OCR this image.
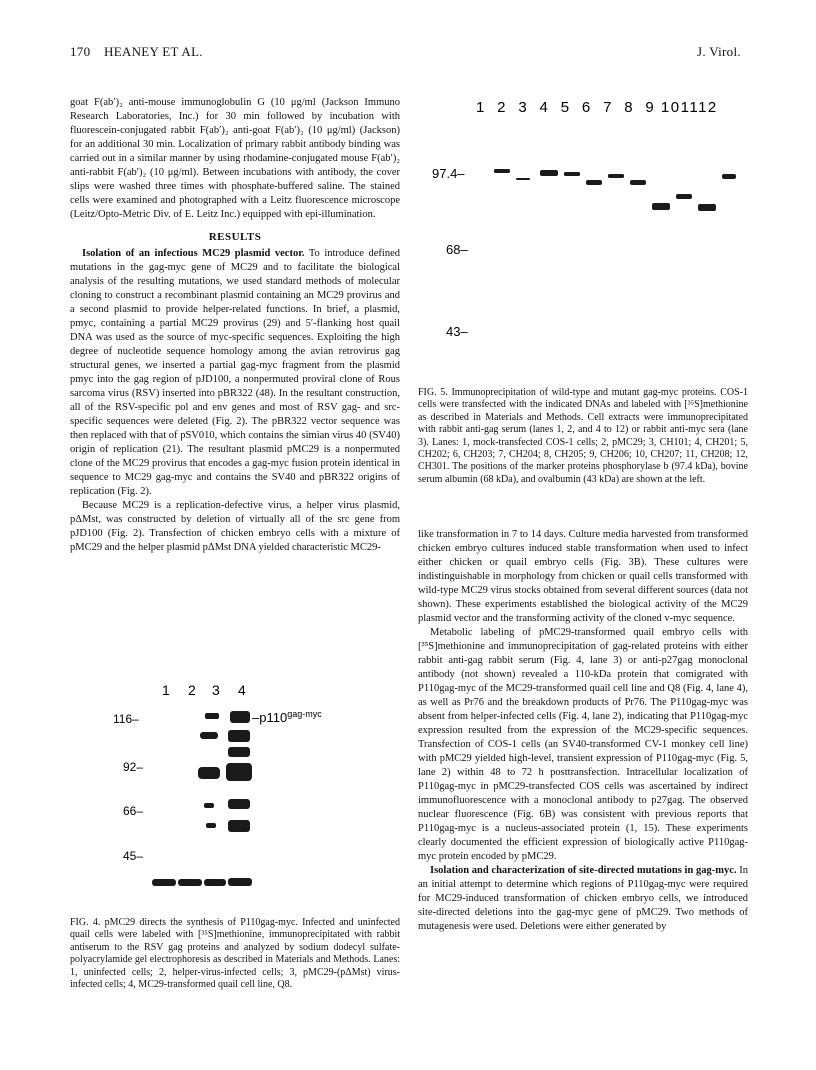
170 HEANEY ET AL.	J. Virol.

goat F(ab′)₂ anti-mouse immunoglobulin G (10 μg/ml (Jackson Immuno Research Laboratories, Inc.) for 30 min followed by incubation with fluorescein-conjugated rabbit F(ab′)₂ anti-goat F(ab′)₂ (10 μg/ml) (Jackson) for an additional 30 min. Localization of primary rabbit antibody binding was carried out in a similar manner by using rhodamine-conjugated mouse F(ab′)₂ anti-rabbit F(ab′)₂ (10 μg/ml). Between incubations with antibody, the cover slips were washed three times with phosphate-buffered saline. The stained cells were examined and photographed with a Leitz fluorescence microscope (Leitz/Opto-Metric Div. of E. Leitz Inc.) equipped with epi-illumination.

RESULTS

Isolation of an infectious MC29 plasmid vector. To introduce defined mutations in the gag-myc gene of MC29 and to facilitate the biological analysis of the resulting mutations, we used standard methods of molecular cloning to construct a recombinant plasmid containing an MC29 provirus and a second plasmid to provide helper-related functions. In brief, a plasmid, pmyc, containing a partial MC29 provirus (29) and 5′-flanking host quail DNA was used as the source of myc-specific sequences. Exploiting the high degree of nucleotide sequence homology among the avian retrovirus gag structural genes, we inserted a partial gag-myc fragment from the plasmid pmyc into the gag region of pJD100, a nonpermuted proviral clone of Rous sarcoma virus (RSV) inserted into pBR322 (48). In the resultant construction, all of the RSV-specific pol and env genes and most of RSV gag- and src-specific sequences were deleted (Fig. 2). The pBR322 vector sequence was then replaced with that of pSV010, which contains the simian virus 40 (SV40) origin of replication (21). The resultant plasmid pMC29 is a nonpermuted clone of the MC29 provirus that encodes a gag-myc fusion protein identical in sequence to MC29 gag-myc and contains the SV40 and pBR322 origins of replication (Fig. 2).

Because MC29 is a replication-defective virus, a helper virus plasmid, pΔMst, was constructed by deletion of virtually all of the src gene from pJD100 (Fig. 2). Transfection of chicken embryo cells with a mixture of pMC29 and the helper plasmid pΔMst DNA yielded characteristic MC29-

1 2 3 4
116–
92–
66–
45–
$-p110^{gag-myc}$
FIG. 4. pMC29 directs the synthesis of P110gag-myc. Infected and uninfected quail cells were labeled with [³⁵S]methionine, immunoprecipitated with rabbit antiserum to the RSV gag proteins and analyzed by sodium dodecyl sulfate-polyacrylamide gel electrophoresis as described in Materials and Methods. Lanes: 1, uninfected cells; 2, helper-virus-infected cells; 3, pMC29-(pΔMst) virus-infected cells; 4, MC29-transformed quail cell line, Q8.
1  2  3  4  5  6  7  8  9 101112
97.4–
68–
43–
FIG. 5. Immunoprecipitation of wild-type and mutant gag-myc proteins. COS-1 cells were transfected with the indicated DNAs and labeled with [³⁵S]methionine as described in Materials and Methods. Cell extracts were immunoprecipitated with rabbit anti-gag serum (lanes 1, 2, and 4 to 12) or rabbit anti-myc sera (lane 3). Lanes: 1, mock-transfected COS-1 cells; 2, pMC29; 3, CH101; 4, CH201; 5, CH202; 6, CH203; 7, CH204; 8, CH205; 9, CH206; 10, CH207; 11, CH208; 12, CH301. The positions of the marker proteins phosphorylase b (97.4 kDa), bovine serum albumin (68 kDa), and ovalbumin (43 kDa) are shown at the left.

like transformation in 7 to 14 days. Culture media harvested from transformed chicken embryo cultures induced stable transformation when used to infect either chicken or quail embryo cells (Fig. 3B). These cultures were indistinguishable in morphology from chicken or quail cells transformed with wild-type MC29 virus stocks obtained from several different sources (data not shown). These experiments established the biological activity of the MC29 plasmid vector and the transforming activity of the cloned v-myc sequence.

Metabolic labeling of pMC29-transformed quail embryo cells with [³⁵S]methionine and immunoprecipitation of gag-related proteins with either rabbit anti-gag rabbit serum (Fig. 4, lane 3) or anti-p27gag monoclonal antibody (not shown) revealed a 110-kDa protein that comigrated with P110gag-myc of the MC29-transformed quail cell line and Q8 (Fig. 4, lane 4), as well as Pr76 and the breakdown products of Pr76. The P110gag-myc was absent from helper-infected cells (Fig. 4, lane 2), indicating that P110gag-myc expression resulted from the expression of the MC29-specific sequences. Transfection of COS-1 cells (an SV40-transformed CV-1 monkey cell line) with pMC29 yielded high-level, transient expression of P110gag-myc (Fig. 5, lane 2) within 48 to 72 h posttransfection. Intracellular localization of P110gag-myc in pMC29-transfected COS cells was ascertained by indirect immunofluorescence with a monoclonal antibody to p27gag. The observed nuclear fluorescence (Fig. 6B) was consistent with previous reports that P110gag-myc is a nucleus-associated protein (1, 15). These experiments clearly documented the efficient expression of biologically active P110gag-myc protein encoded by pMC29.

Isolation and characterization of site-directed mutations in gag-myc. In an initial attempt to determine which regions of P110gag-myc were required for MC29-induced transformation of chicken embryo cells, we introduced site-directed deletions into the gag-myc gene of pMC29. Two methods of mutagenesis were used. Deletions were either generated by
